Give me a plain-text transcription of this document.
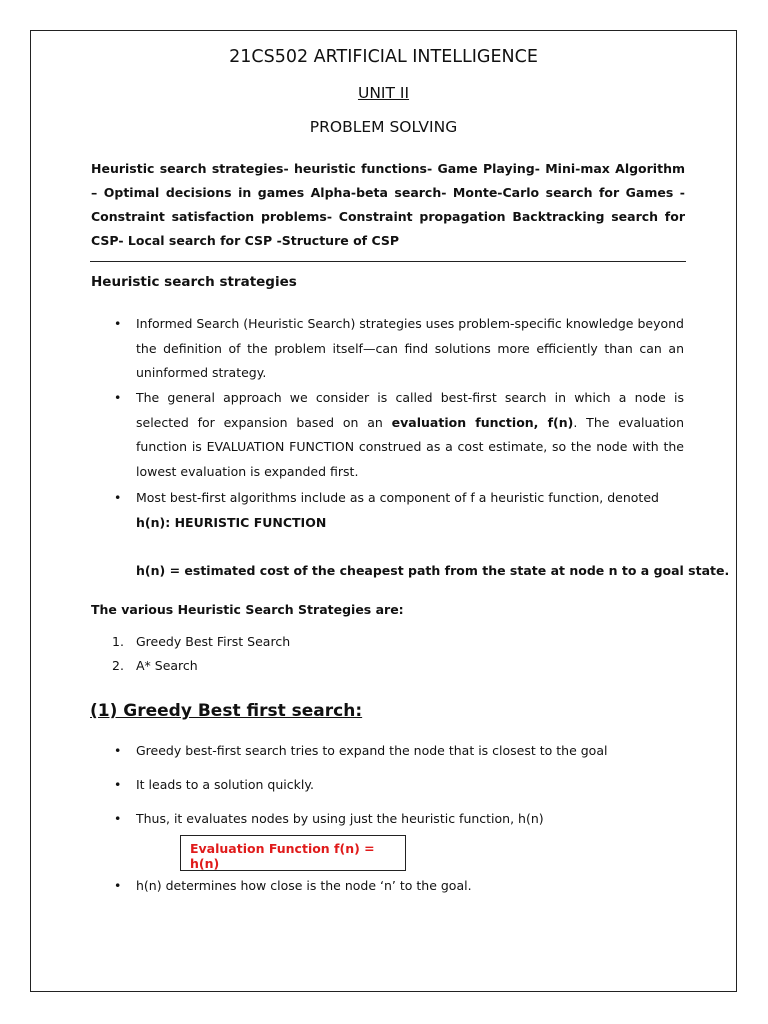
21CS502 ARTIFICIAL INTELLIGENCE
UNIT II
PROBLEM SOLVING
Heuristic search strategies- heuristic functions- Game Playing- Mini-max Algorithm – Optimal decisions in games Alpha-beta search- Monte-Carlo search for Games - Constraint satisfaction problems- Constraint propagation Backtracking search for CSP- Local search for CSP -Structure of CSP
Heuristic search strategies
• Informed Search (Heuristic Search) strategies uses problem-specific knowledge beyond the definition of the problem itself—can find solutions more efficiently than can an uninformed strategy.
• The general approach we consider is called best-first search in which a node is selected for expansion based on an evaluation function, f(n). The evaluation function is EVALUATION FUNCTION construed as a cost estimate, so the node with the lowest evaluation is expanded first.
• Most best-first algorithms include as a component of f a heuristic function, denoted
h(n): HEURISTIC FUNCTION
h(n) = estimated cost of the cheapest path from the state at node n to a goal state.
The various Heuristic Search Strategies are:
1. Greedy Best First Search
2. A* Search
(1) Greedy Best first search:
• Greedy best-first search tries to expand the node that is closest to the goal
• It leads to a solution quickly.
• Thus, it evaluates nodes by using just the heuristic function, h(n)
Evaluation Function f(n) = h(n)
• h(n) determines how close is the node ‘n’ to the goal.
